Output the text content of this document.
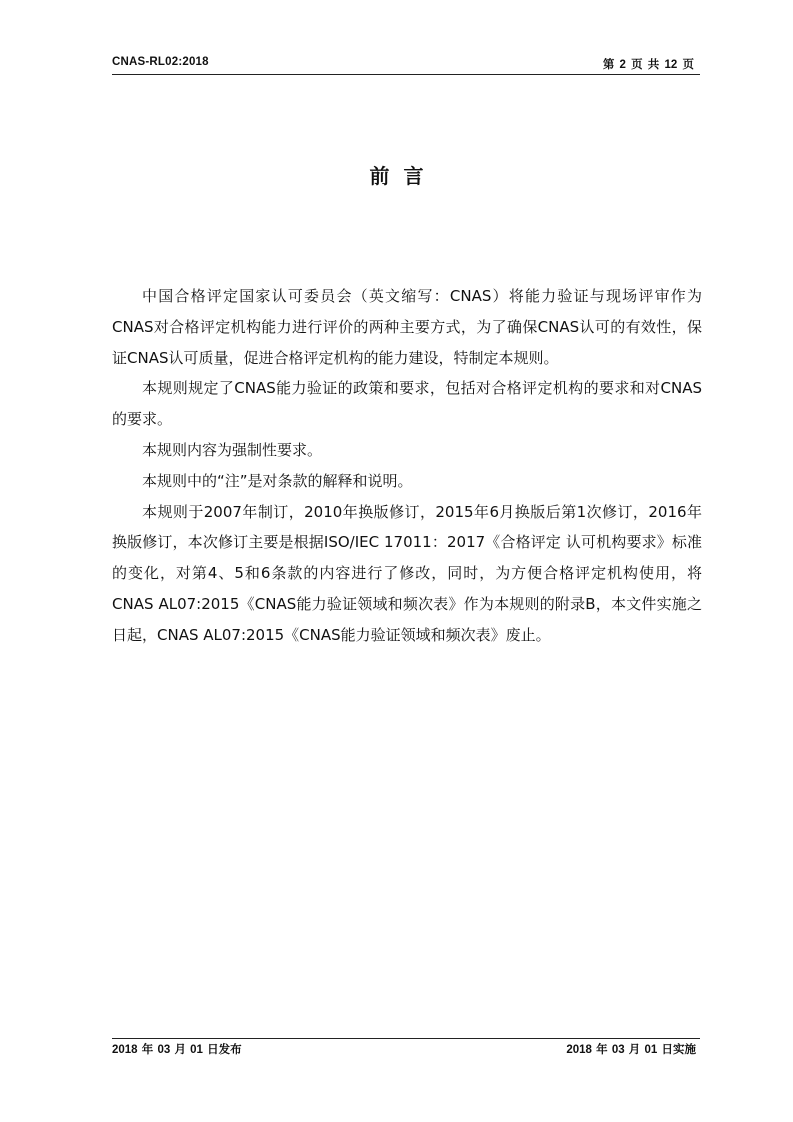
CNAS-RL02:2018	第 2 页 共 12 页
前言

中国合格评定国家认可委员会（英文缩写：CNAS）将能力验证与现场评审作为CNAS对合格评定机构能力进行评价的两种主要方式，为了确保CNAS认可的有效性，保证CNAS认可质量，促进合格评定机构的能力建设，特制定本规则。

本规则规定了CNAS能力验证的政策和要求，包括对合格评定机构的要求和对CNAS的要求。

本规则内容为强制性要求。

本规则中的“注”是对条款的解释和说明。

本规则于2007年制订，2010年换版修订，2015年6月换版后第1次修订，2016年换版修订，本次修订主要是根据ISO/IEC 17011：2017《合格评定 认可机构要求》标准的变化，对第4、5和6条款的内容进行了修改，同时，为方便合格评定机构使用，将CNAS AL07:2015《CNAS能力验证领域和频次表》作为本规则的附录B，本文件实施之日起，CNAS AL07:2015《CNAS能力验证领域和频次表》废止。

2018 年 03 月 01 日发布	2018 年 03 月 01 日实施
